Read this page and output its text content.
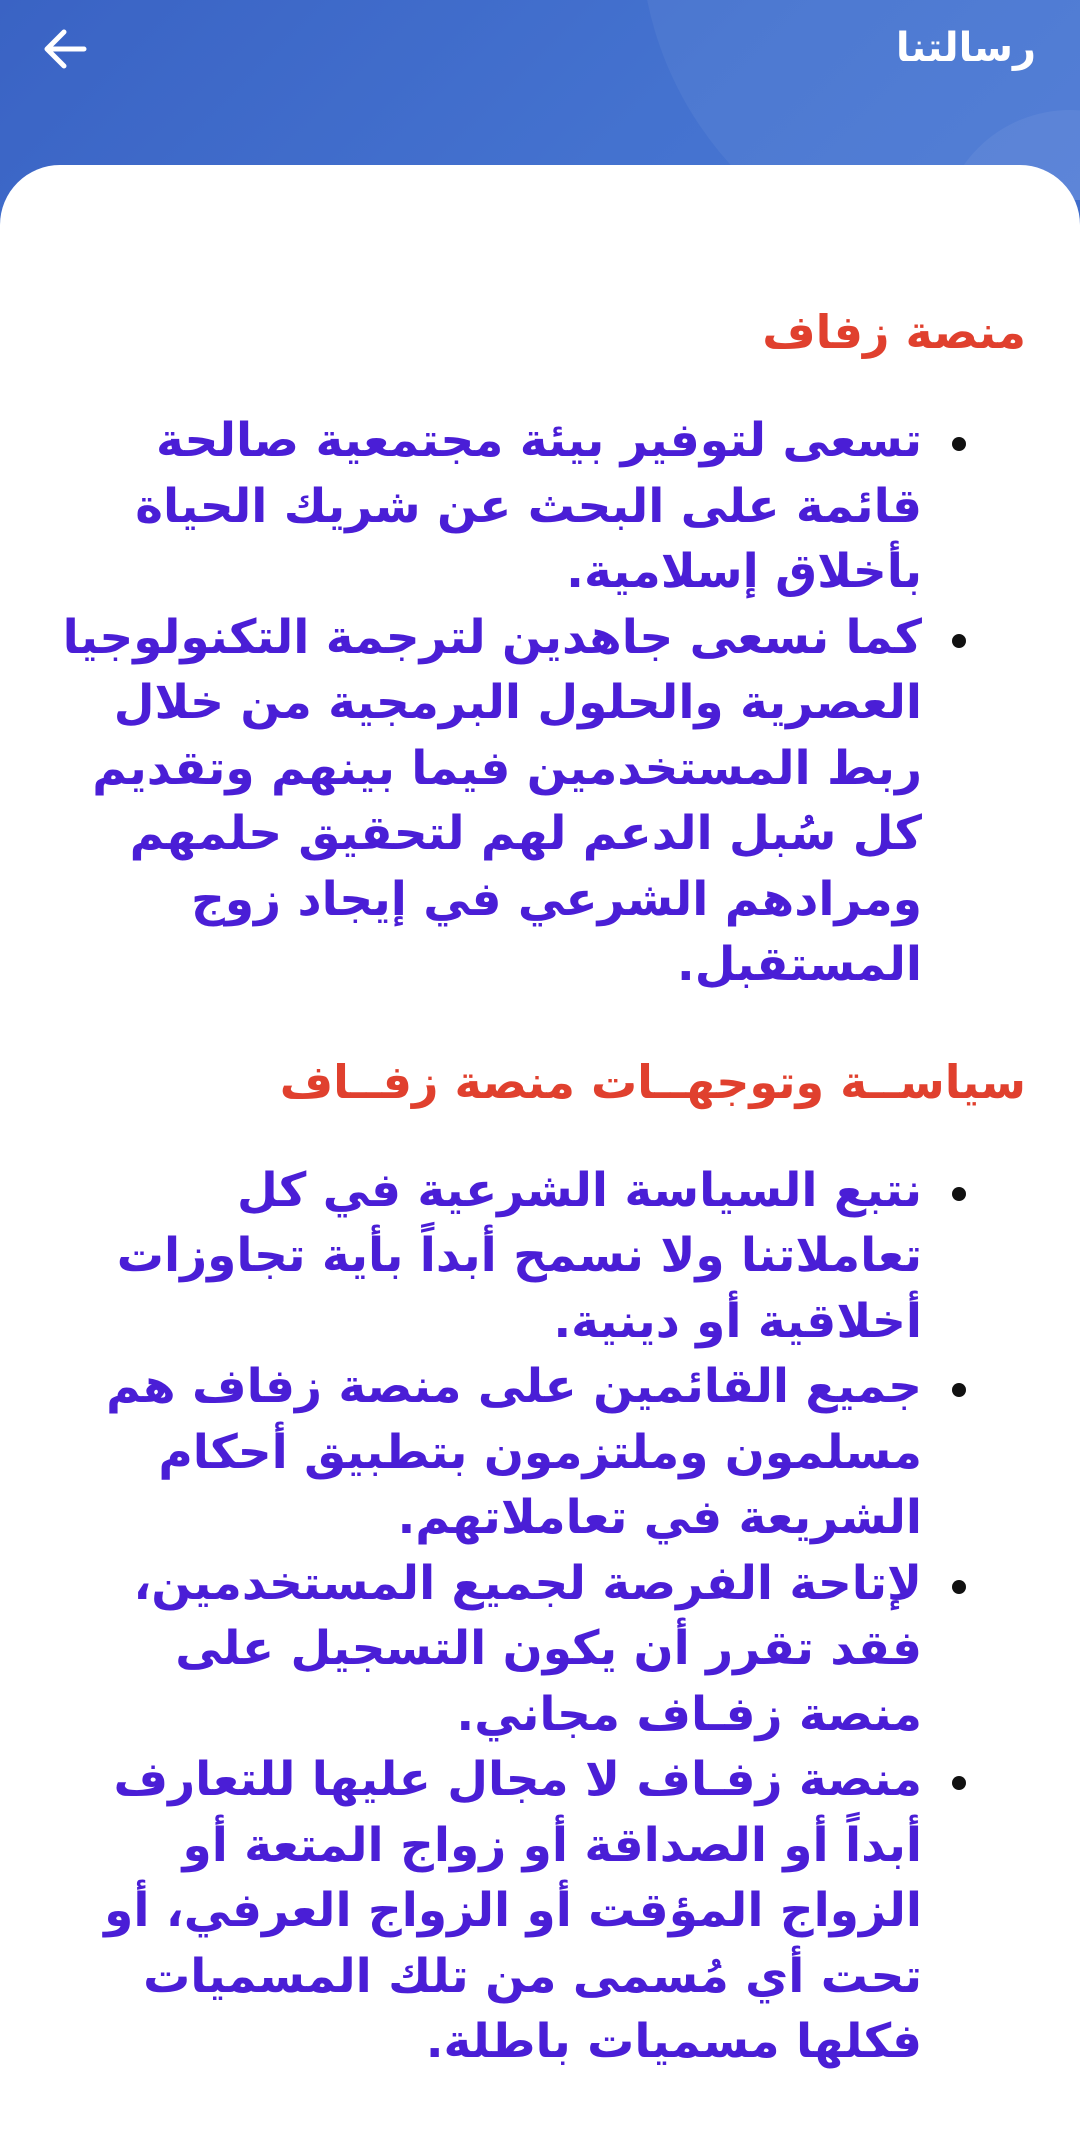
رسالتنا
منصة زفاف
تسعى لتوفير بيئة مجتمعية صالحة قائمة على البحث عن شريك الحياة بأخلاق إسلامية.
كما نسعى جاهدين لترجمة التكنولوجيا العصرية والحلول البرمجية من خلال ربط المستخدمين فيما بينهم وتقديم كل سُبل الدعم لهم لتحقيق حلمهم ومرادهم الشرعي في إيجاد زوج المستقبل.
سياســة وتوجهــات منصة زفــاف
نتبع السياسة الشرعية في كل تعاملاتنا ولا نسمح أبداً بأية تجاوزات أخلاقية أو دينية.
جميع القائمين على منصة زفاف هم مسلمون وملتزمون بتطبيق أحكام الشريعة في تعاملاتهم.
لإتاحة الفرصة لجميع المستخدمين، فقد تقرر أن يكون التسجيل على منصة زفـاف مجاني.
منصة زفـاف لا مجال عليها للتعارف أبداً أو الصداقة أو زواج المتعة أو الزواج المؤقت أو الزواج العرفي، أو تحت أي مُسمى من تلك المسميات فكلها مسميات باطلة.
